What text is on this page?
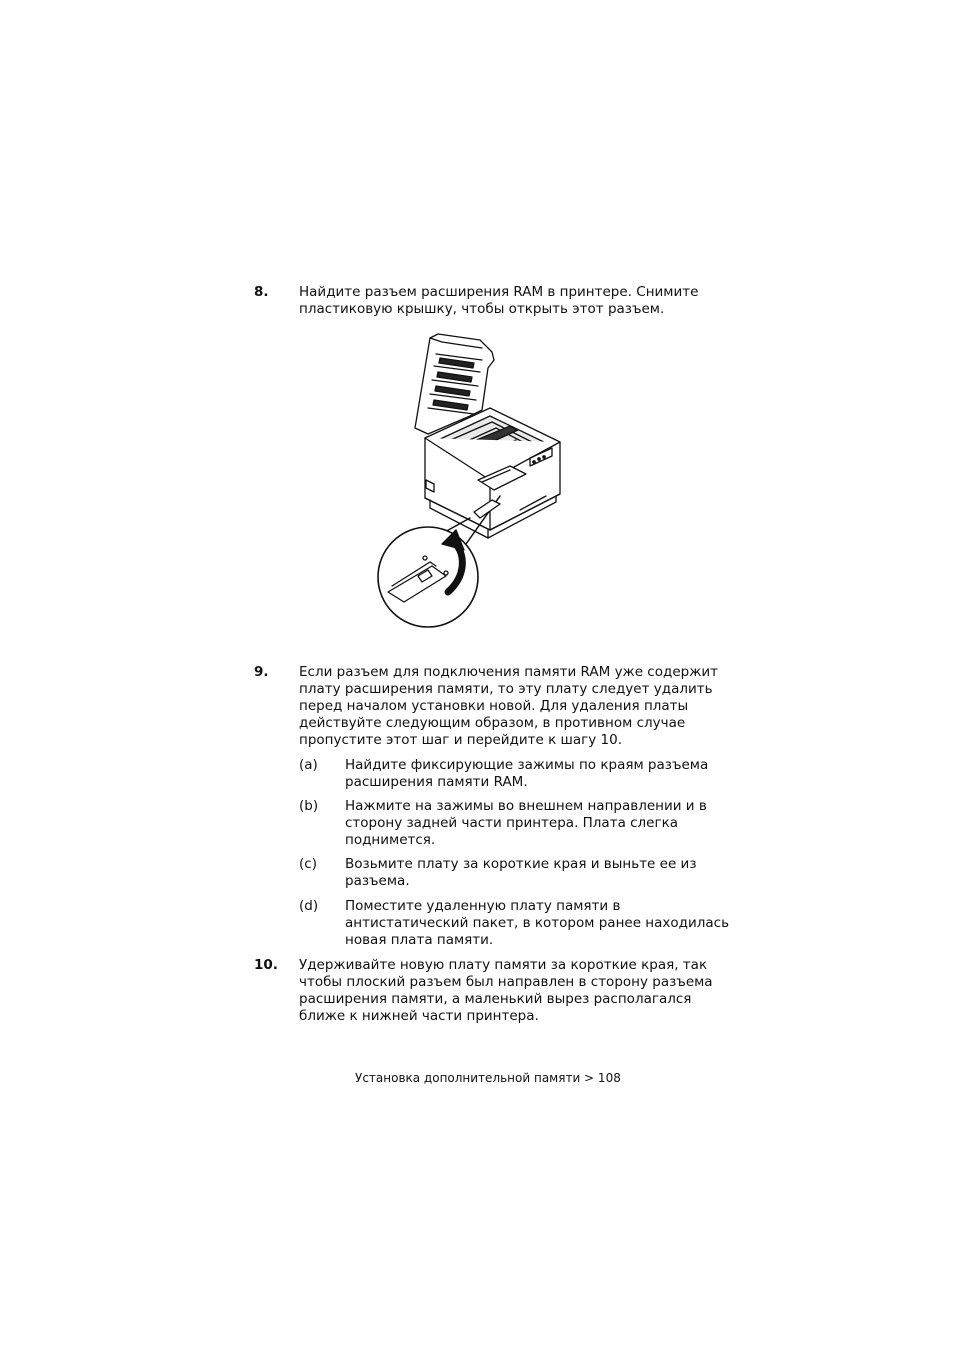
8. Найдите разъем расширения RAM в принтере. Снимите пластиковую крышку, чтобы открыть этот разъем.
9. Если разъем для подключения памяти RAM уже содержит плату расширения памяти, то эту плату следует удалить перед началом установки новой. Для удаления платы действуйте следующим образом, в противном случае пропустите этот шаг и перейдите к шагу 10.
(a) Найдите фиксирующие зажимы по краям разъема расширения памяти RAM.
(b) Нажмите на зажимы во внешнем направлении и в сторону задней части принтера. Плата слегка поднимется.
(c) Возьмите плату за короткие края и выньте ее из разъема.
(d) Поместите удаленную плату памяти в антистатический пакет, в котором ранее находилась новая плата памяти.
10. Удерживайте новую плату памяти за короткие края, так чтобы плоский разъем был направлен в сторону разъема расширения памяти, а маленький вырез располагался ближе к нижней части принтера.
Установка дополнительной памяти > 108
